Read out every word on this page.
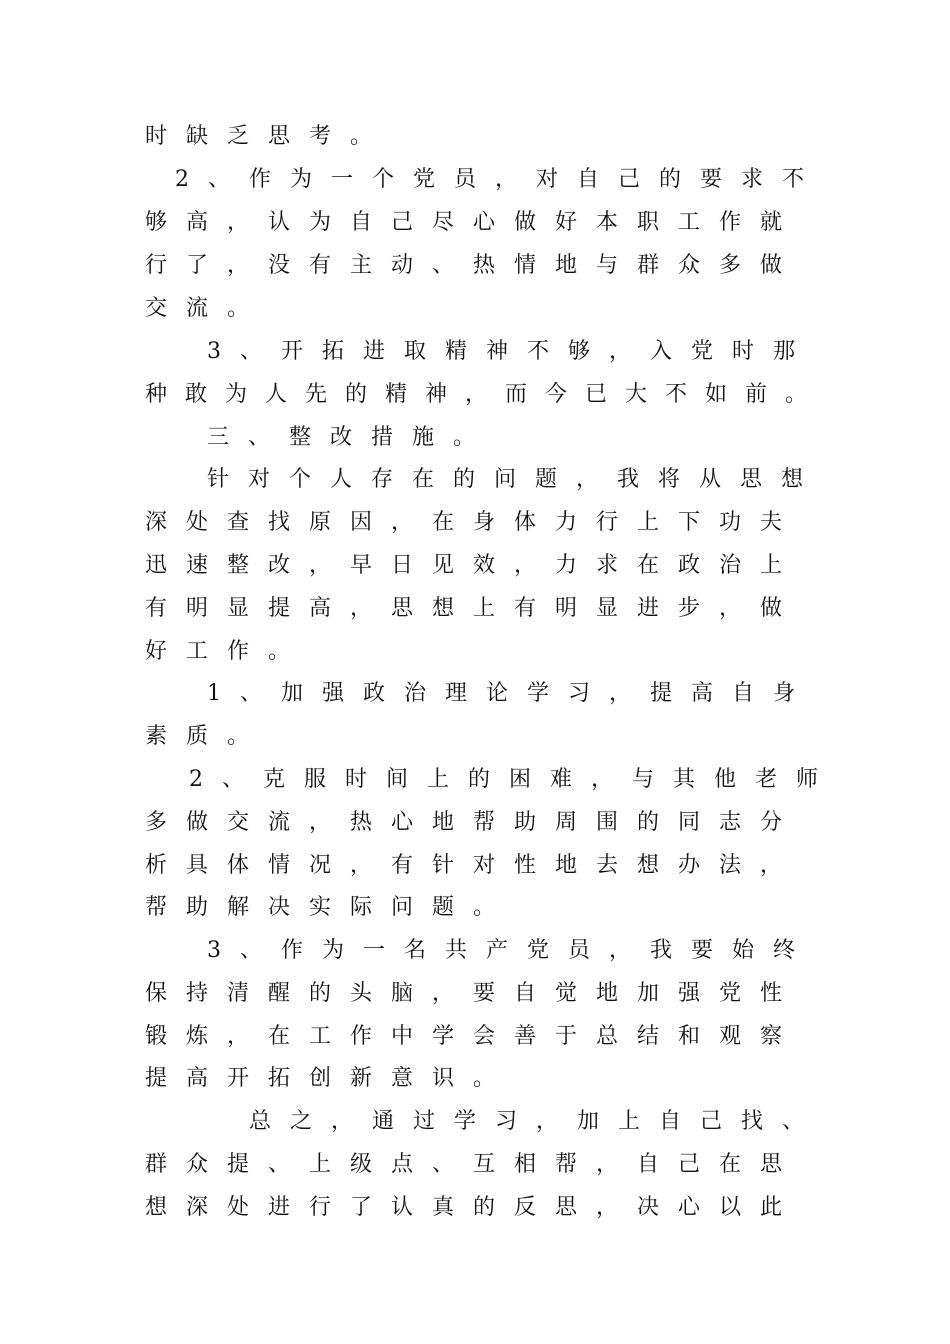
时缺乏思考。
2、作为一个党员，对自己的要求不
够高，认为自己尽心做好本职工作就
行了，没有主动、热情地与群众多做
交流。
3、开拓进取精神不够，入党时那
种敢为人先的精神，而今已大不如前。
三、整改措施。
针对个人存在的问题，我将从思想
深处查找原因，在身体力行上下功夫
迅速整改，早日见效，力求在政治上
有明显提高，思想上有明显进步，做
好工作。
1、加强政治理论学习，提高自身
素质。
2、克服时间上的困难，与其他老师
多做交流，热心地帮助周围的同志分
析具体情况，有针对性地去想办法，
帮助解决实际问题。
3、作为一名共产党员，我要始终
保持清醒的头脑，要自觉地加强党性
锻炼，在工作中学会善于总结和观察
提高开拓创新意识。
总之，通过学习，加上自己找、
群众提、上级点、互相帮，自己在思
想深处进行了认真的反思，决心以此
